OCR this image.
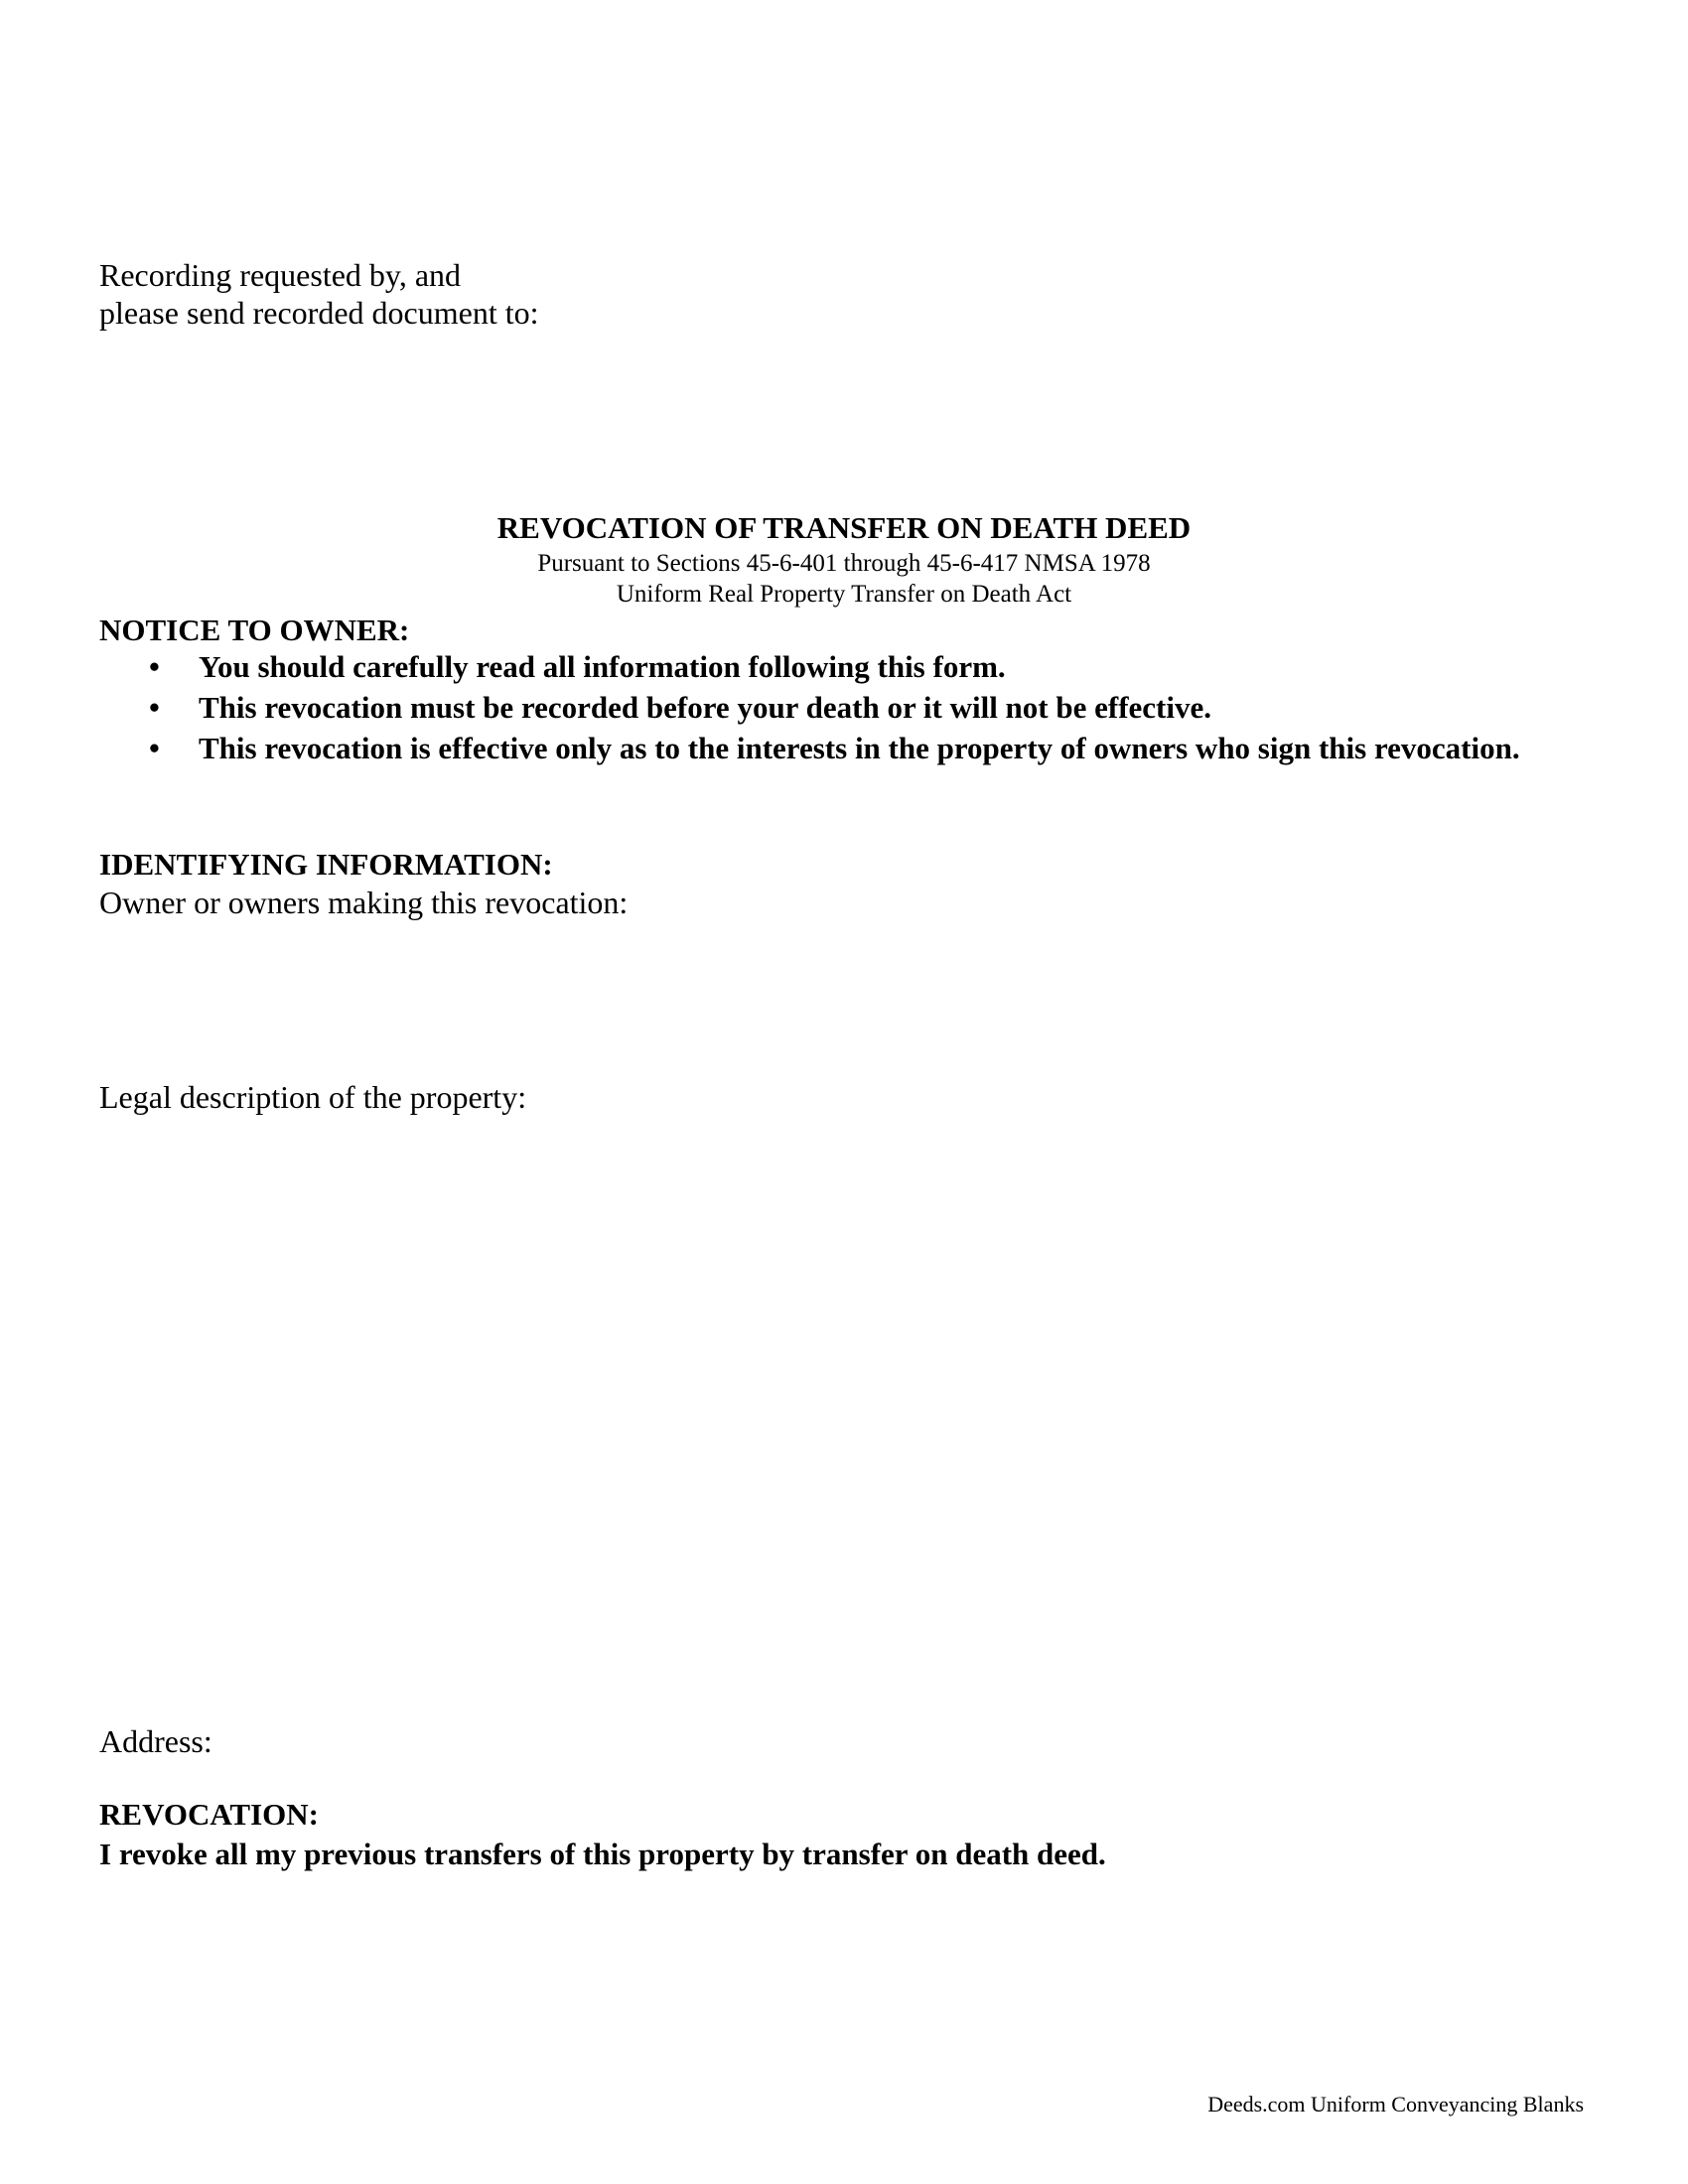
Recording requested by, and
please send recorded document to:
REVOCATION OF TRANSFER ON DEATH DEED
Pursuant to Sections 45-6-401 through 45-6-417 NMSA 1978
Uniform Real Property Transfer on Death Act
NOTICE TO OWNER:
• You should carefully read all information following this form.
• This revocation must be recorded before your death or it will not be effective.
• This revocation is effective only as to the interests in the property of owners who sign this revocation.
IDENTIFYING INFORMATION:
Owner or owners making this revocation:
Legal description of the property:
Address:
REVOCATION:
I revoke all my previous transfers of this property by transfer on death deed.
Deeds.com Uniform Conveyancing Blanks
